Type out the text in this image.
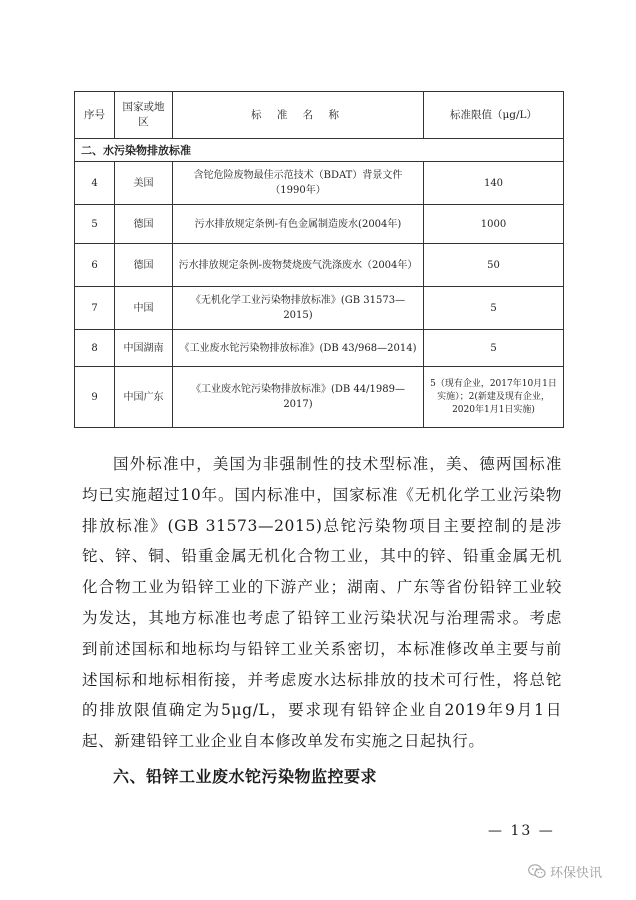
序号	国家或地区	标 准 名 称	标准限值（μg/L）
二、水污染物排放标准			
4	美国	含铊危险废物最佳示范技术（BDAT）背景文件（1990年）	140
5	德国	污水排放规定条例-有色金属制造废水(2004年)	1000
6	德国	污水排放规定条例-废物焚烧废气洗涤废水（2004年）	50
7	中国	《无机化学工业污染物排放标准》(GB 31573—2015)	5
8	中国湖南	《工业废水铊污染物排放标准》(DB 43/968—2014)	5
9	中国广东	《工业废水铊污染物排放标准》(DB 44/1989—2017)	5（现有企业，2017年10月1日实施）；2(新建及现有企业，2020年1月1日实施)

国外标准中，美国为非强制性的技术型标准，美、德两国标准均已实施超过10年。国内标准中，国家标准《无机化学工业污染物排放标准》(GB 31573—2015)总铊污染物项目主要控制的是涉铊、锌、铜、铅重金属无机化合物工业，其中的锌、铅重金属无机化合物工业为铅锌工业的下游产业；湖南、广东等省份铅锌工业较为发达，其地方标准也考虑了铅锌工业污染状况与治理需求。考虑到前述国标和地标均与铅锌工业关系密切，本标准修改单主要与前述国标和地标相衔接，并考虑废水达标排放的技术可行性，将总铊的排放限值确定为5μg/L，要求现有铅锌企业自2019年9月1日起、新建铅锌工业企业自本修改单发布实施之日起执行。

六、铅锌工业废水铊污染物监控要求

— 13 —
环保快讯
